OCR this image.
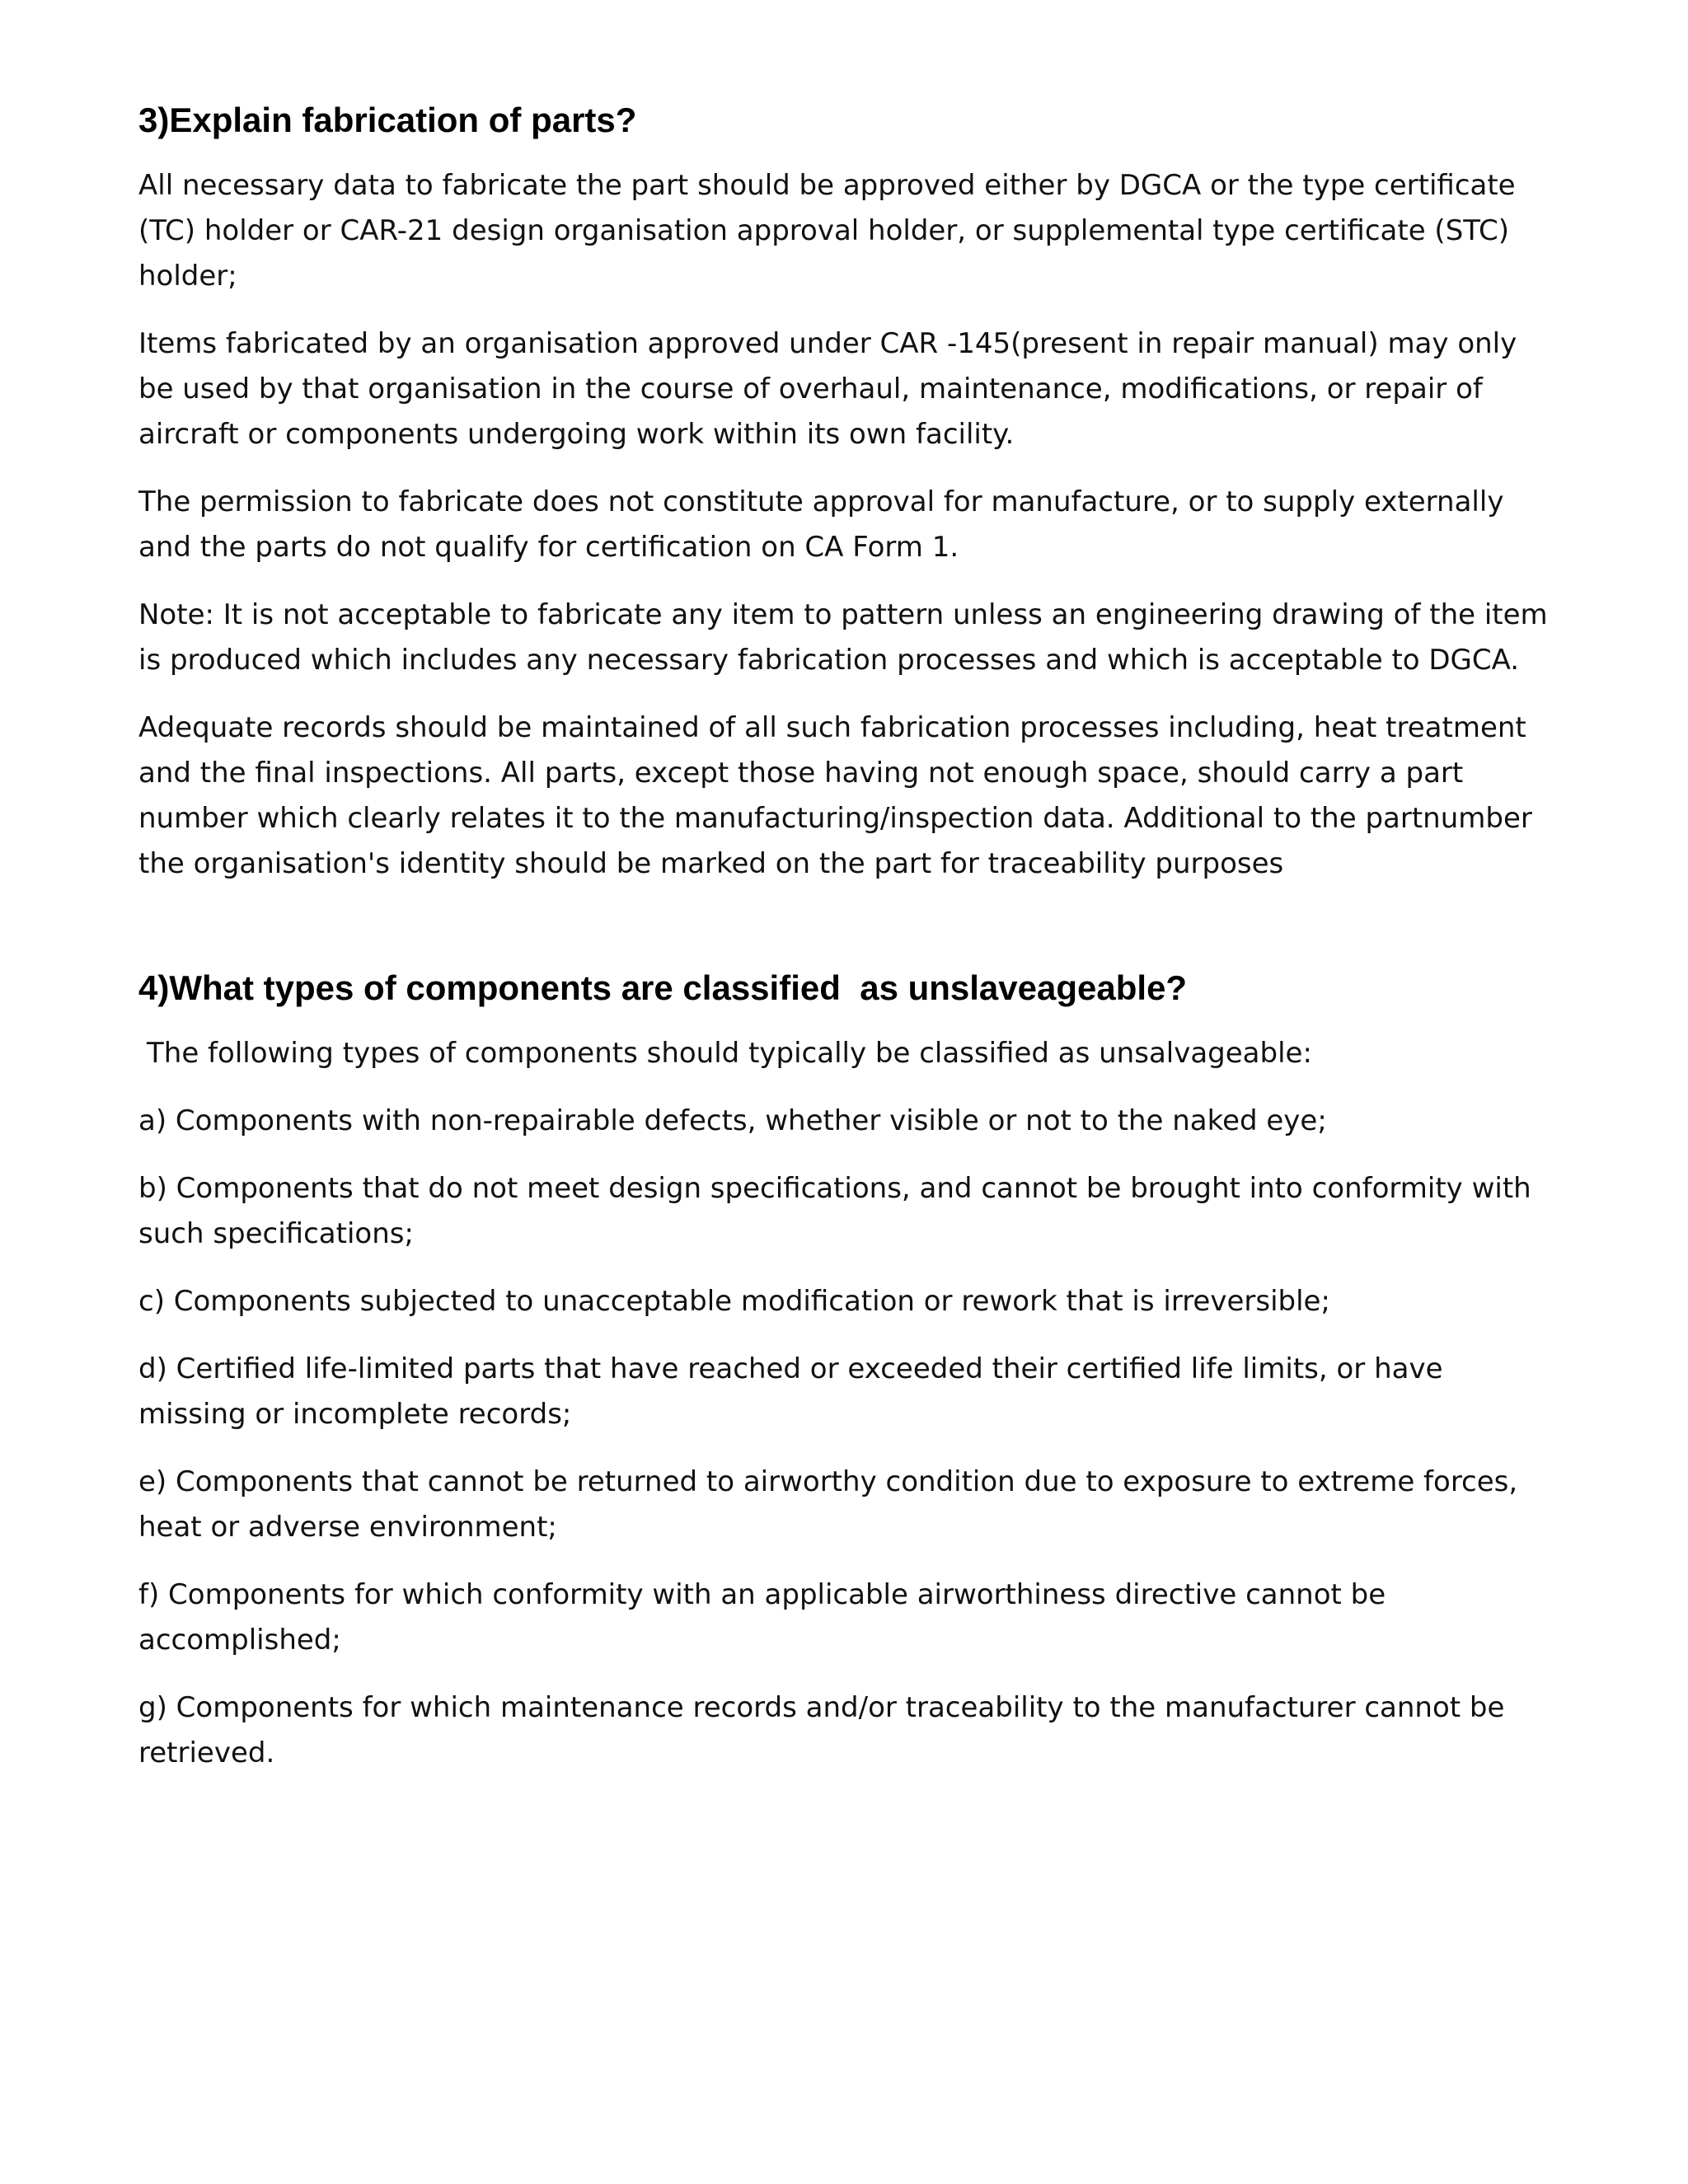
3)Explain fabrication of parts?

All necessary data to fabricate the part should be approved either by DGCA or the type certificate (TC) holder or CAR-21 design organisation approval holder, or supplemental type certificate (STC) holder;

Items fabricated by an organisation approved under CAR -145(present in repair manual) may only be used by that organisation in the course of overhaul, maintenance, modifications, or repair of aircraft or components undergoing work within its own facility.

The permission to fabricate does not constitute approval for manufacture, or to supply externally and the parts do not qualify for certification on CA Form 1.

Note: It is not acceptable to fabricate any item to pattern unless an engineering drawing of the item is produced which includes any necessary fabrication processes and which is acceptable to DGCA.

Adequate records should be maintained of all such fabrication processes including, heat treatment and the final inspections. All parts, except those having not enough space, should carry a part number which clearly relates it to the manufacturing/inspection data. Additional to the partnumber the organisation's identity should be marked on the part for traceability purposes

4)What types of components are classified  as unslaveageable?

The following types of components should typically be classified as unsalvageable:

a) Components with non-repairable defects, whether visible or not to the naked eye;

b) Components that do not meet design specifications, and cannot be brought into conformity with such specifications;

c) Components subjected to unacceptable modification or rework that is irreversible;

d) Certified life-limited parts that have reached or exceeded their certified life limits, or have missing or incomplete records;

e) Components that cannot be returned to airworthy condition due to exposure to extreme forces, heat or adverse environment;

f) Components for which conformity with an applicable airworthiness directive cannot be accomplished;

g) Components for which maintenance records and/or traceability to the manufacturer cannot be retrieved.
